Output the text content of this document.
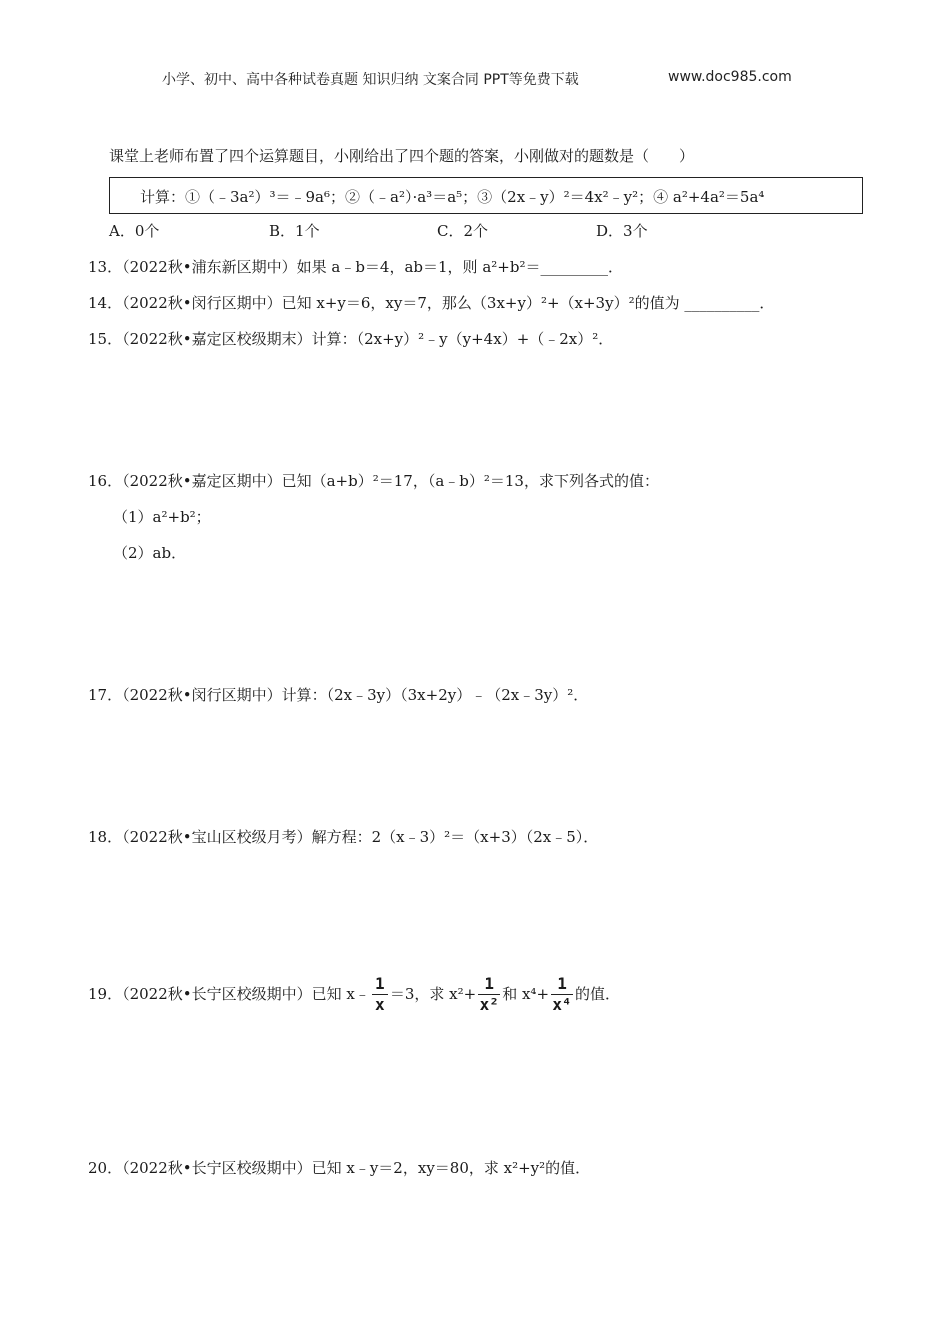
小学、初中、高中各种试卷真题 知识归纳 文案合同 PPT等免费下载	www.doc985.com
课堂上老师布置了四个运算题目，小刚给出了四个题的答案，小刚做对的题数是（　　）
计算：①（﹣3a²）³＝﹣9a⁶；②（﹣a²）·a³＝a⁵；③（2x﹣y）²＝4x²﹣y²；④ a²+4a²＝5a⁴
A．0个	B．1个	C．2个	D．3个
13．（2022秋•浦东新区期中）如果 a﹣b＝4，ab＝1，则 a²+b²＝_________．
14．（2022秋•闵行区期中）已知 x+y＝6，xy＝7，那么（3x+y）²+（x+3y）²的值为 __________．
15．（2022秋•嘉定区校级期末）计算：（2x+y）²﹣y（y+4x）+（﹣2x）²．
16．（2022秋•嘉定区期中）已知（a+b）²＝17，（a﹣b）²＝13，求下列各式的值：
（1）a²+b²；
（2）ab．
17．（2022秋•闵行区期中）计算：（2x﹣3y）（3x+2y）﹣（2x﹣3y）²．
18．（2022秋•宝山区校级月考）解方程：2（x﹣3）²＝（x+3）（2x﹣5）．
19．（2022秋•长宁区校级期中）已知 x﹣ $\frac{1}{x} =3$，求 $x^2+ \frac{1}{\text{x²}}$ 和 $x^4+ \frac{1}{\text{x⁴}}$ 的值．
20．（2022秋•长宁区校级期中）已知 x﹣y＝2，xy＝80，求 x²+y²的值．
